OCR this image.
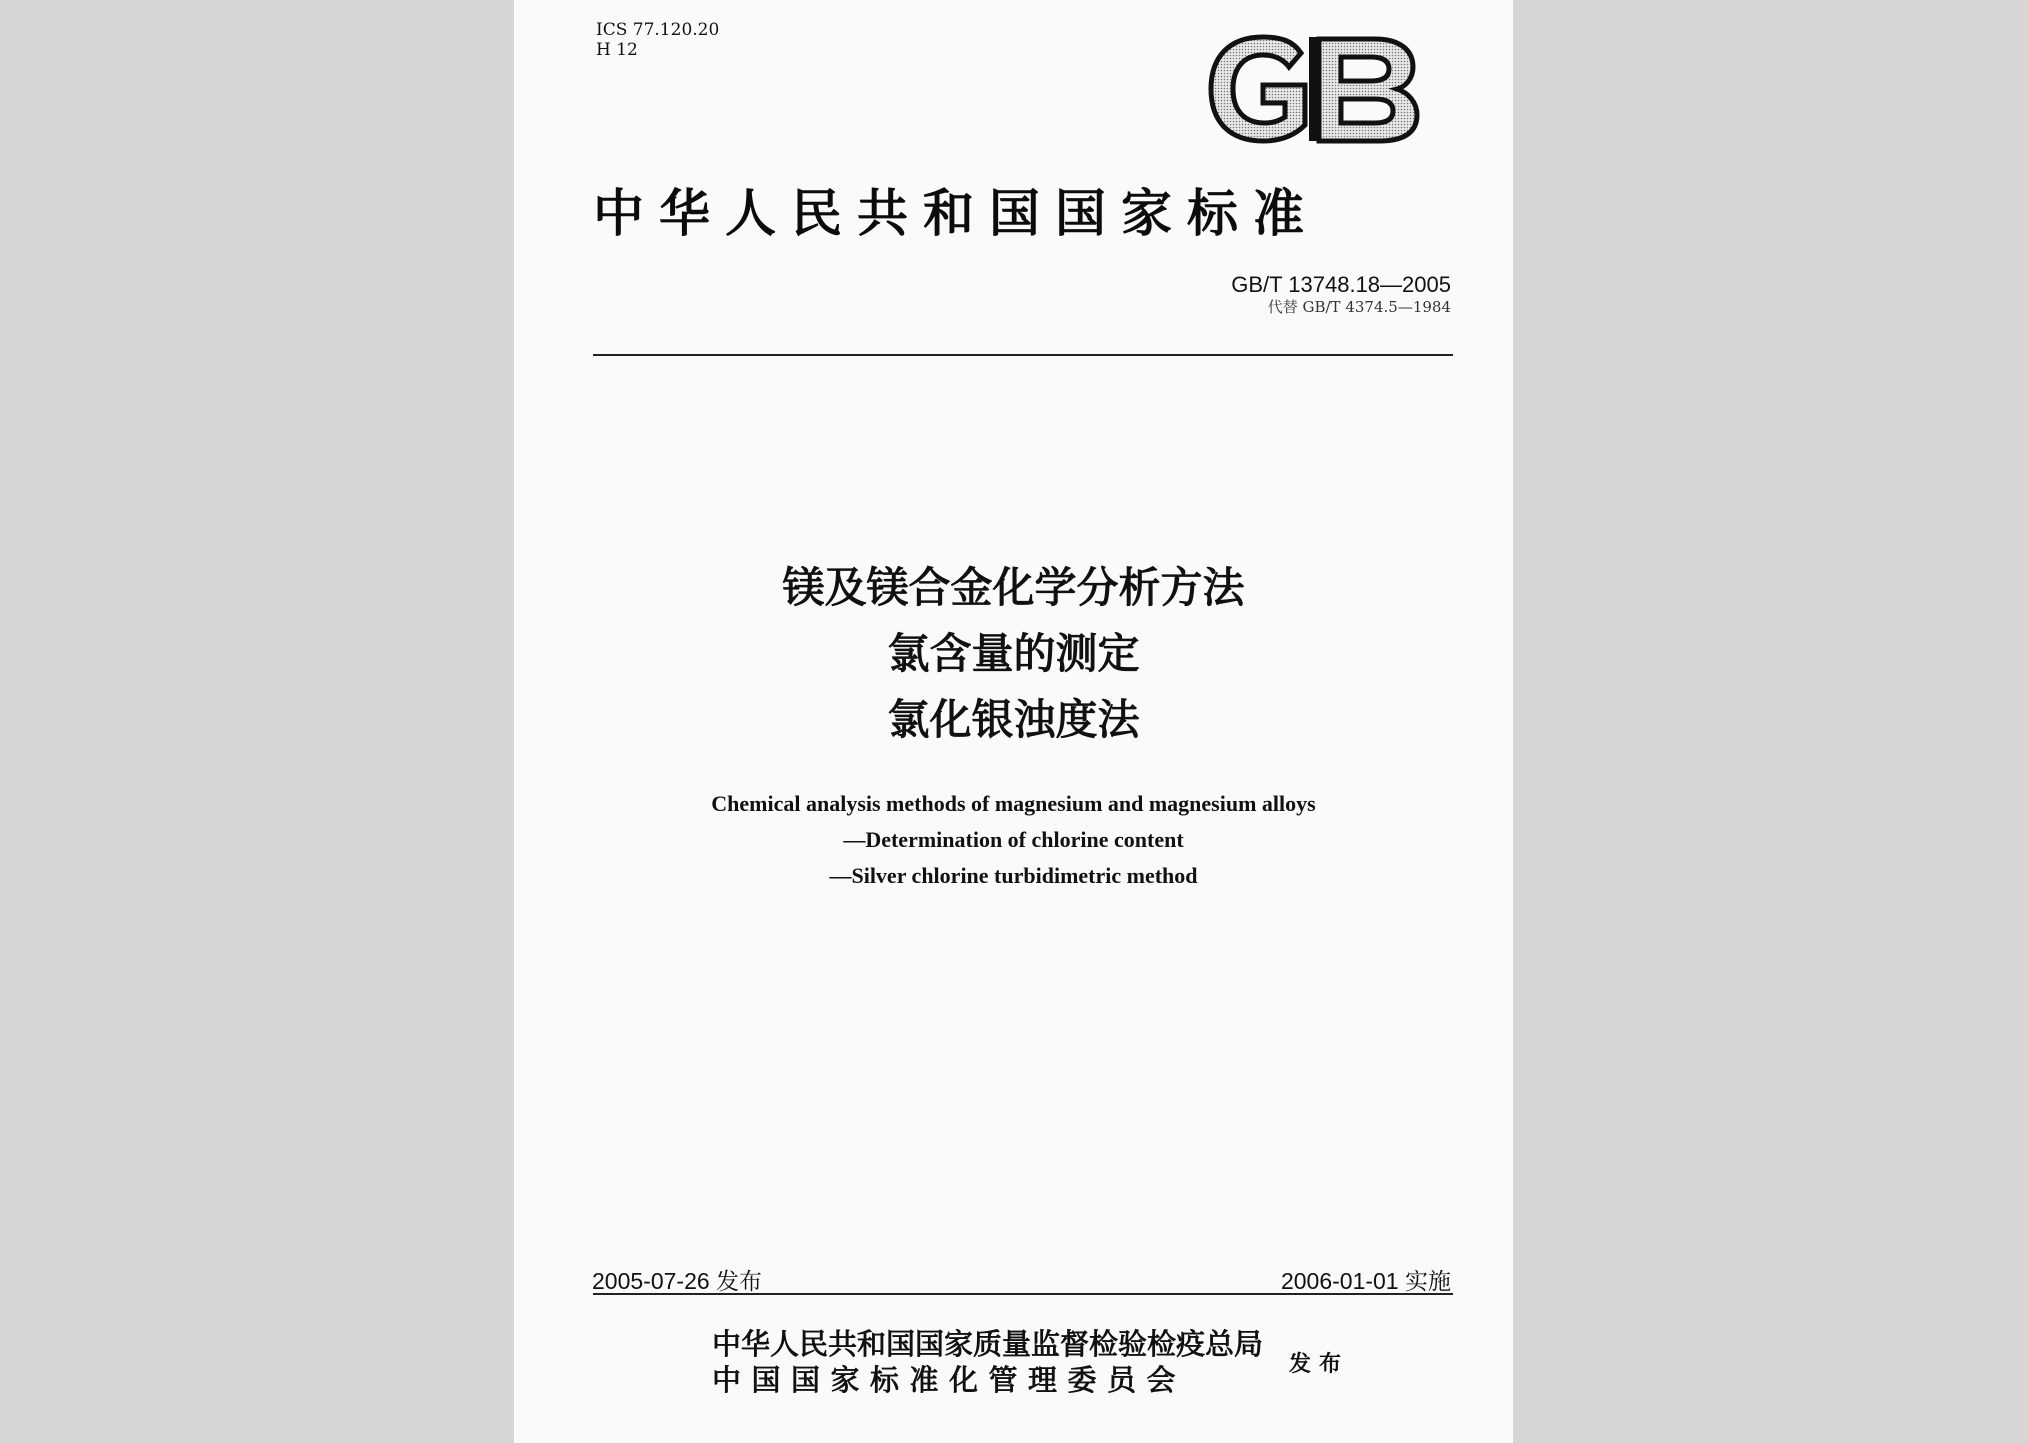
ICS 77.120.20
H 12
中华人民共和国国家标准
GB/T 13748.18—2005
代替 GB/T 4374.5—1984
镁及镁合金化学分析方法
氯含量的测定
氯化银浊度法
Chemical analysis methods of magnesium and magnesium alloys
—Determination of chlorine content
—Silver chlorine turbidimetric method
2005-07-26 发布	2006-01-01 实施
中华人民共和国国家质量监督检验检疫总局
中国国家标准化管理委员会	发布
